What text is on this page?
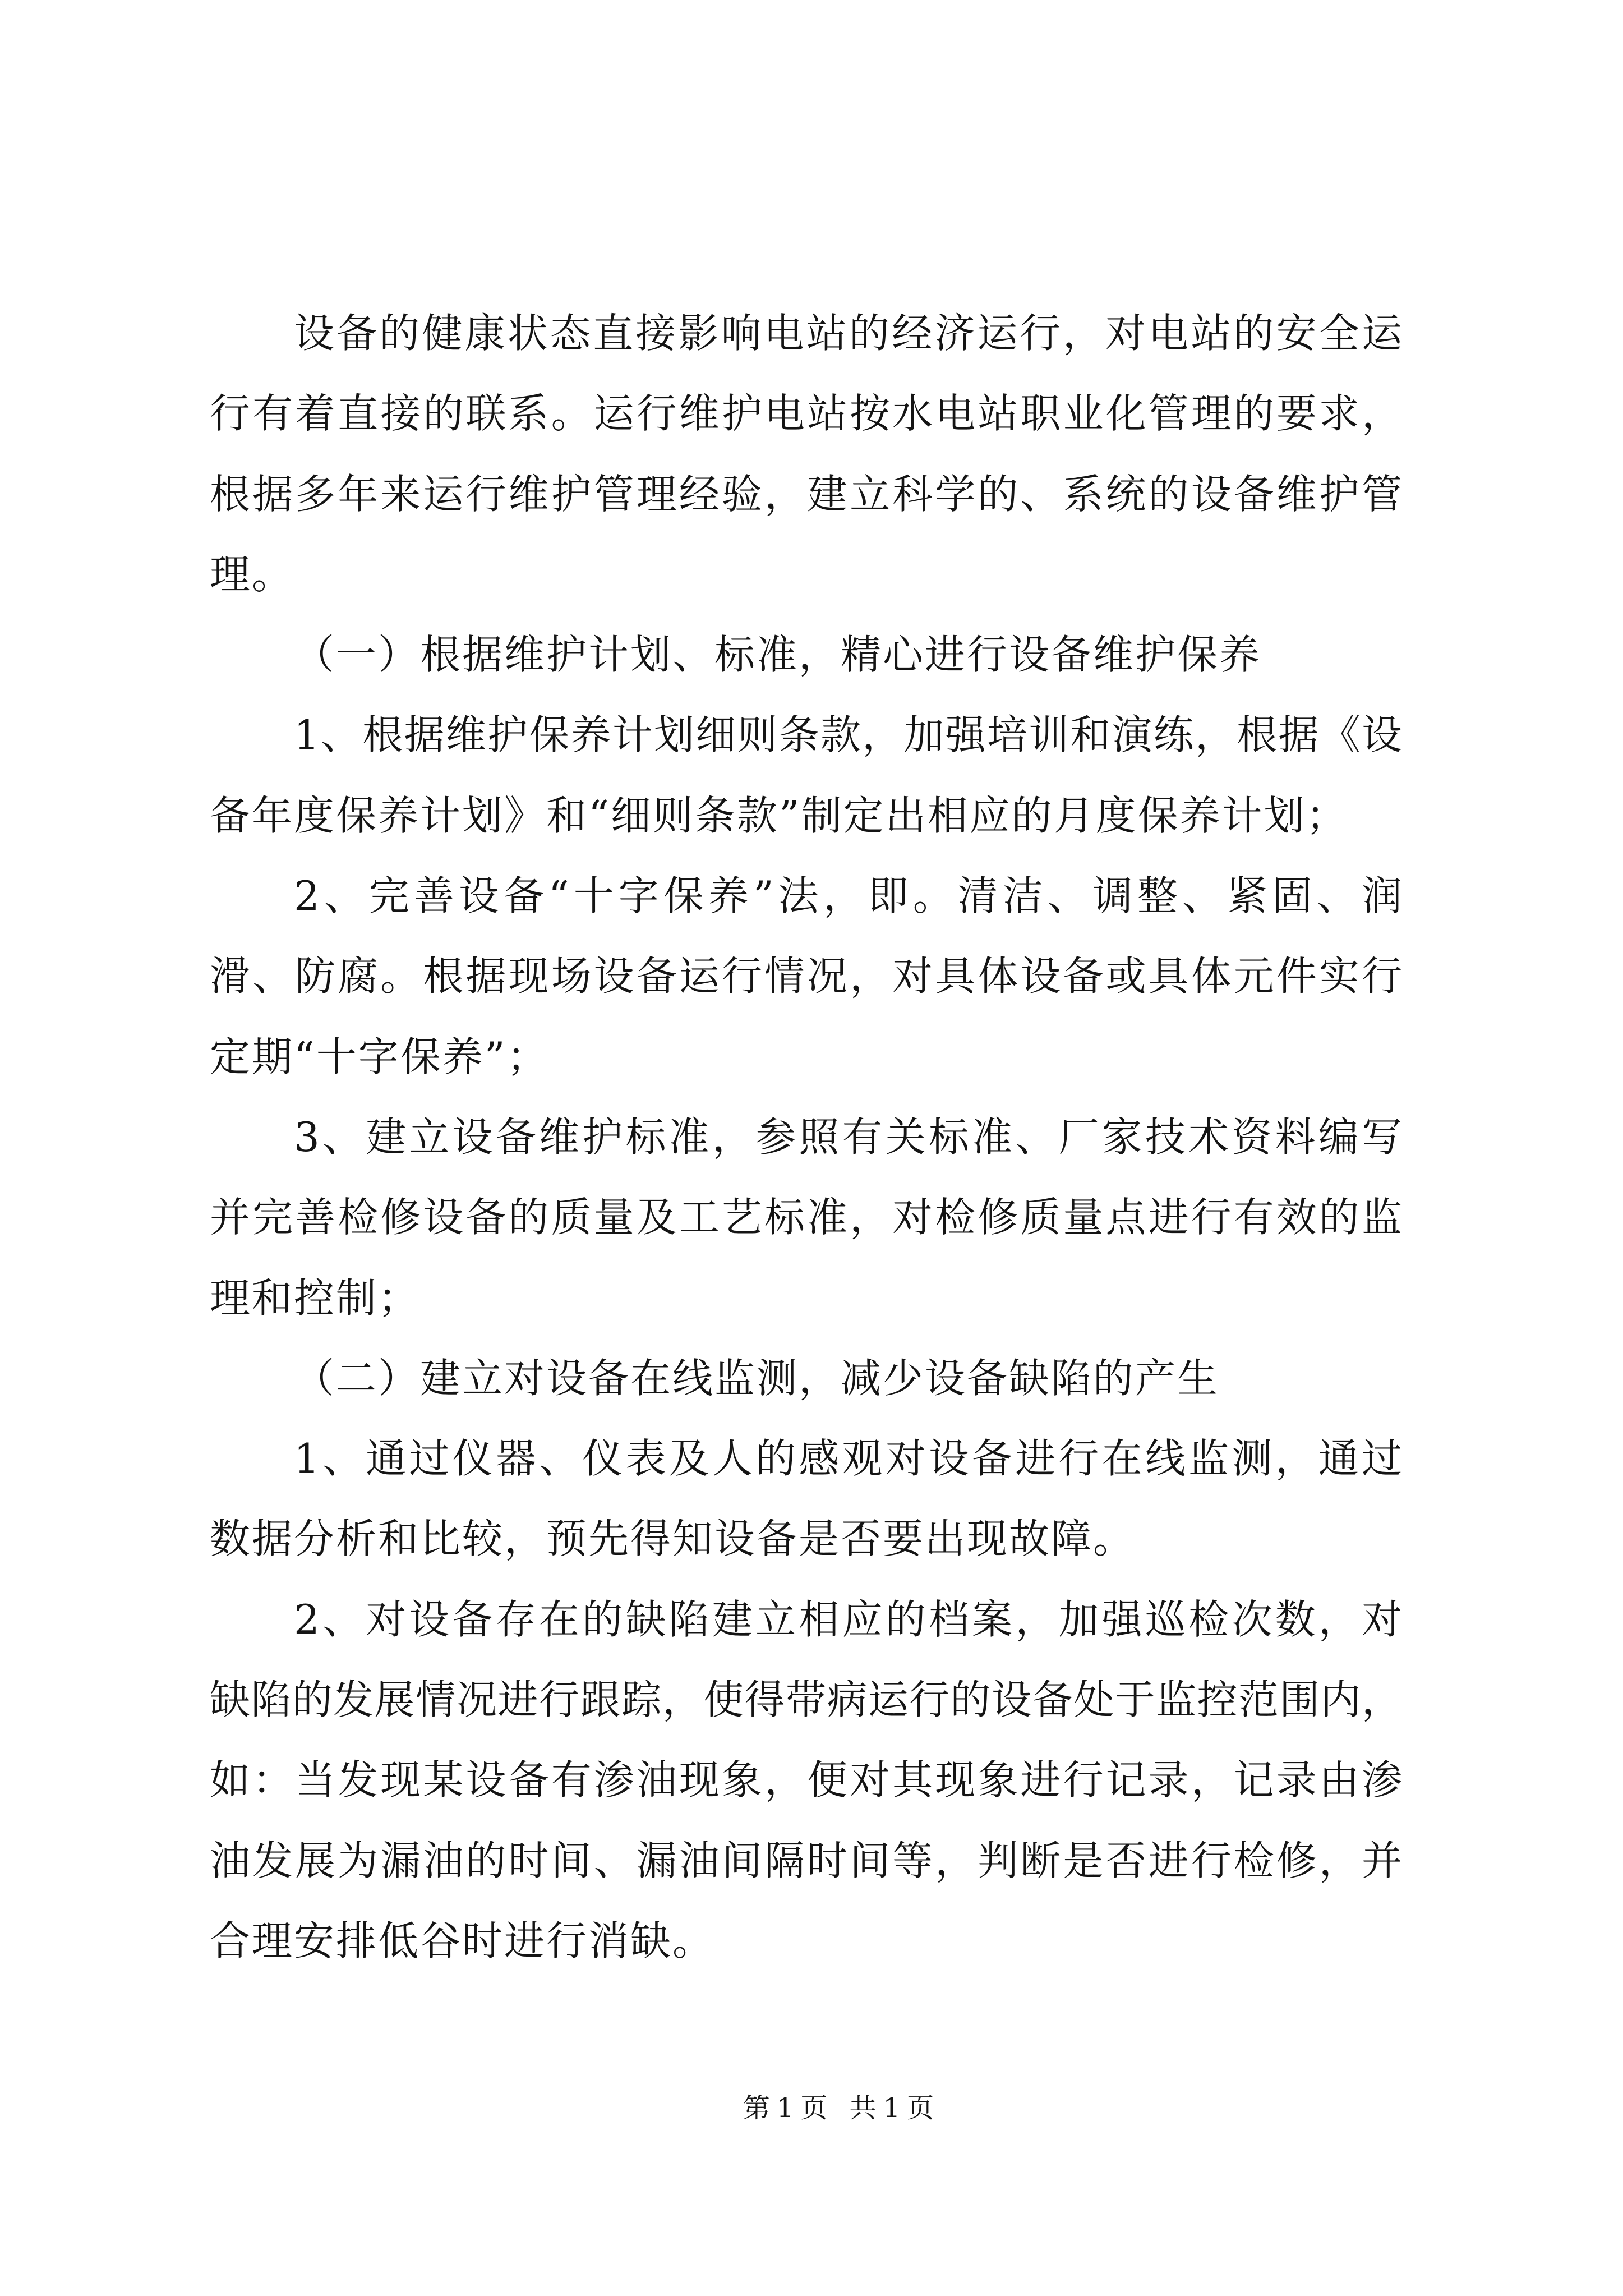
设备的健康状态直接影响电站的经济运行，对电站的安全运
行有着直接的联系。运行维护电站按水电站职业化管理的要求，
根据多年来运行维护管理经验，建立科学的、系统的设备维护管
理。
（一）根据维护计划、标准，精心进行设备维护保养
1、根据维护保养计划细则条款，加强培训和演练，根据《设
备年度保养计划》和“细则条款”制定出相应的月度保养计划；
2、完善设备“十字保养”法，即。清洁、调整、紧固、润
滑、防腐。根据现场设备运行情况，对具体设备或具体元件实行
定期“十字保养”；
3、建立设备维护标准，参照有关标准、厂家技术资料编写
并完善检修设备的质量及工艺标准，对检修质量点进行有效的监
理和控制；
（二）建立对设备在线监测，减少设备缺陷的产生
1、通过仪器、仪表及人的感观对设备进行在线监测，通过
数据分析和比较，预先得知设备是否要出现故障。
2、对设备存在的缺陷建立相应的档案，加强巡检次数，对
缺陷的发展情况进行跟踪，使得带病运行的设备处于监控范围内，
如：当发现某设备有渗油现象，便对其现象进行记录，记录由渗
油发展为漏油的时间、漏油间隔时间等，判断是否进行检修，并
合理安排低谷时进行消缺。
第1页 共1页
